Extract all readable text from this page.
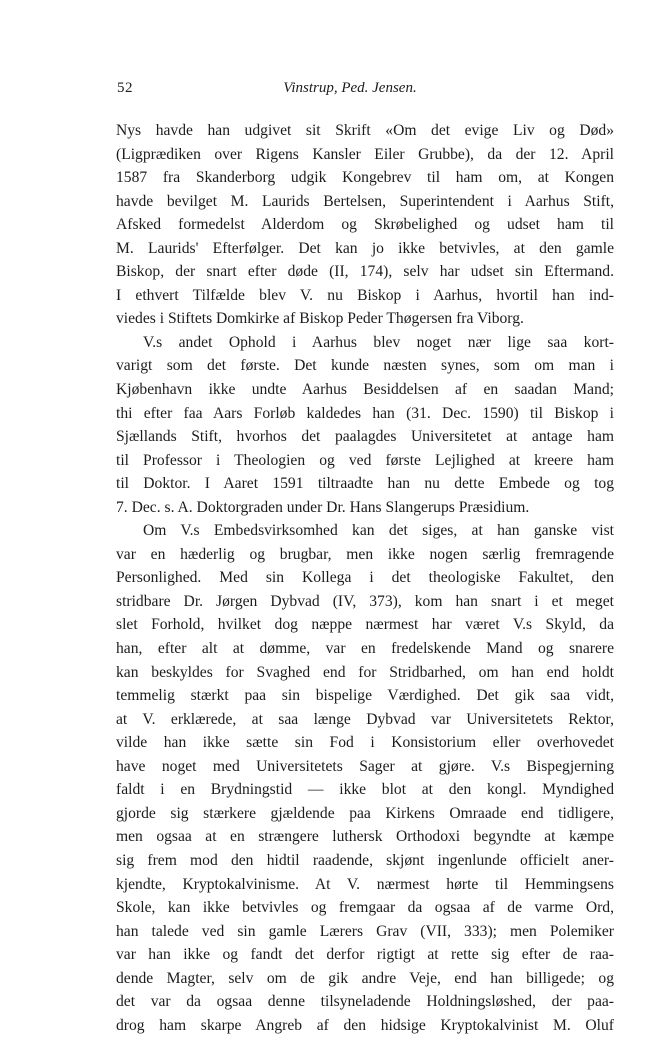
52	Vinstrup, Ped. Jensen.
Nys havde han udgivet sit Skrift «Om det evige Liv og Død»
(Ligprædiken over Rigens Kansler Eiler Grubbe), da der 12. April
1587 fra Skanderborg udgik Kongebrev til ham om, at Kongen
havde bevilget M. Laurids Bertelsen, Superintendent i Aarhus Stift,
Afsked formedelst Alderdom og Skrøbelighed og udset ham til
M. Laurids' Efterfølger. Det kan jo ikke betvivles, at den gamle
Biskop, der snart efter døde (II, 174), selv har udset sin Eftermand.
I ethvert Tilfælde blev V. nu Biskop i Aarhus, hvortil han ind-
viedes i Stiftets Domkirke af Biskop Peder Thøgersen fra Viborg.
V.s andet Ophold i Aarhus blev noget nær lige saa kort-
varigt som det første. Det kunde næsten synes, som om man i
Kjøbenhavn ikke undte Aarhus Besiddelsen af en saadan Mand;
thi efter faa Aars Forløb kaldedes han (31. Dec. 1590) til Biskop i
Sjællands Stift, hvorhos det paalagdes Universitetet at antage ham
til Professor i Theologien og ved første Lejlighed at kreere ham
til Doktor. I Aaret 1591 tiltraadte han nu dette Embede og tog
7. Dec. s. A. Doktorgraden under Dr. Hans Slangerups Præsidium.
Om V.s Embedsvirksomhed kan det siges, at han ganske vist
var en hæderlig og brugbar, men ikke nogen særlig fremragende
Personlighed. Med sin Kollega i det theologiske Fakultet, den
stridbare Dr. Jørgen Dybvad (IV, 373), kom han snart i et meget
slet Forhold, hvilket dog næppe nærmest har været V.s Skyld, da
han, efter alt at dømme, var en fredelskende Mand og snarere
kan beskyldes for Svaghed end for Stridbarhed, om han end holdt
temmelig stærkt paa sin bispelige Værdighed. Det gik saa vidt,
at V. erklærede, at saa længe Dybvad var Universitetets Rektor,
vilde han ikke sætte sin Fod i Konsistorium eller overhovedet
have noget med Universitetets Sager at gjøre. V.s Bispegjerning
faldt i en Brydningstid — ikke blot at den kongl. Myndighed
gjorde sig stærkere gjældende paa Kirkens Omraade end tidligere,
men ogsaa at en strængere luthersk Orthodoxi begyndte at kæmpe
sig frem mod den hidtil raadende, skjønt ingenlunde officielt aner-
kjendte, Kryptokalvinisme. At V. nærmest hørte til Hemmingsens
Skole, kan ikke betvivles og fremgaar da ogsaa af de varme Ord,
han talede ved sin gamle Lærers Grav (VII, 333); men Polemiker
var han ikke og fandt det derfor rigtigt at rette sig efter de raa-
dende Magter, selv om de gik andre Veje, end han billigede; og
det var da ogsaa denne tilsyneladende Holdningsløshed, der paa-
drog ham skarpe Angreb af den hidsige Kryptokalvinist M. Oluf
